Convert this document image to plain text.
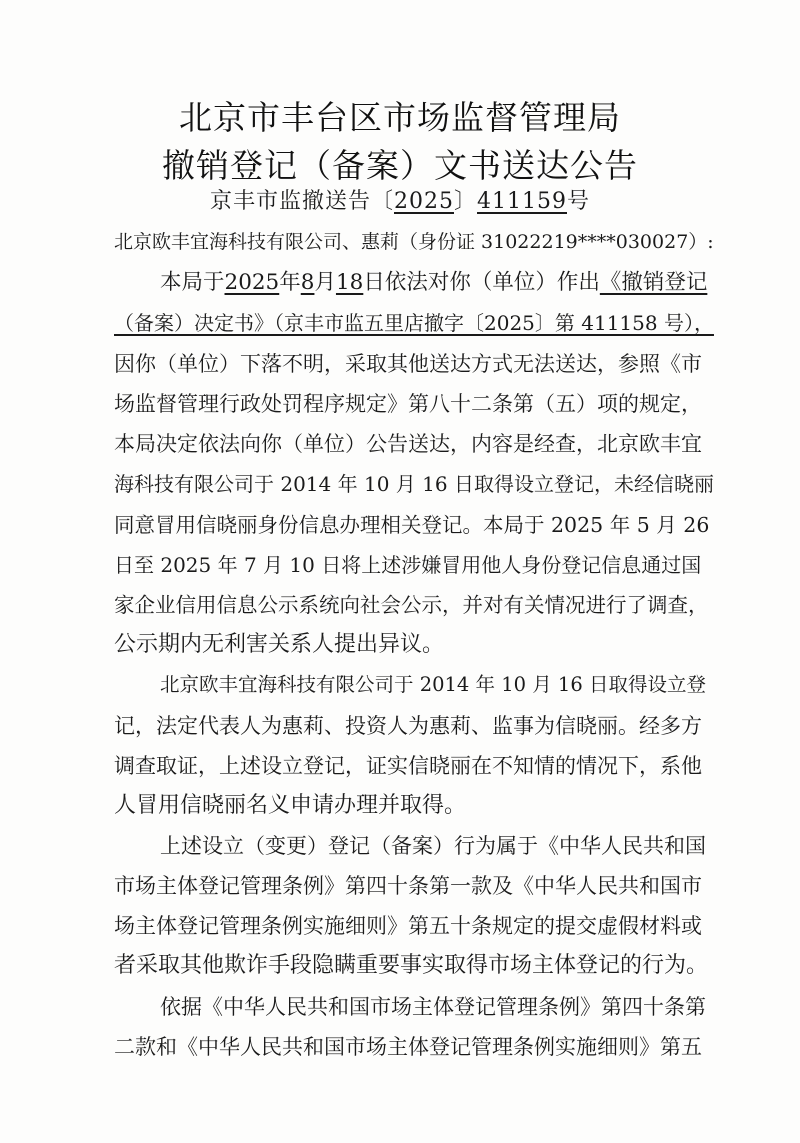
北京市丰台区市场监督管理局
撤销登记（备案）文书送达公告
京丰市监撤送告〔2025〕411159号
北京欧丰宜海科技有限公司、惠莉（身份证 31022219****030027）:
本局于2025年8月18日依法对你（单位）作出《撤销登记
（备案）决定书》（京丰市监五里店撤字〔2025〕第 411158 号），
因你（单位）下落不明，采取其他送达方式无法送达，参照《市
场监督管理行政处罚程序规定》第八十二条第（五）项的规定，
本局决定依法向你（单位）公告送达，内容是经查，北京欧丰宜
海科技有限公司于 2014 年 10 月 16 日取得设立登记，未经信晓丽
同意冒用信晓丽身份信息办理相关登记。本局于 2025 年 5 月 26
日至 2025 年 7 月 10 日将上述涉嫌冒用他人身份登记信息通过国
家企业信用信息公示系统向社会公示，并对有关情况进行了调查，
公示期内无利害关系人提出异议。
北京欧丰宜海科技有限公司于 2014 年 10 月 16 日取得设立登
记，法定代表人为惠莉、投资人为惠莉、监事为信晓丽。经多方
调查取证，上述设立登记，证实信晓丽在不知情的情况下，系他
人冒用信晓丽名义申请办理并取得。
上述设立（变更）登记（备案）行为属于《中华人民共和国
市场主体登记管理条例》第四十条第一款及《中华人民共和国市
场主体登记管理条例实施细则》第五十条规定的提交虚假材料或
者采取其他欺诈手段隐瞒重要事实取得市场主体登记的行为。
依据《中华人民共和国市场主体登记管理条例》第四十条第
二款和《中华人民共和国市场主体登记管理条例实施细则》第五
